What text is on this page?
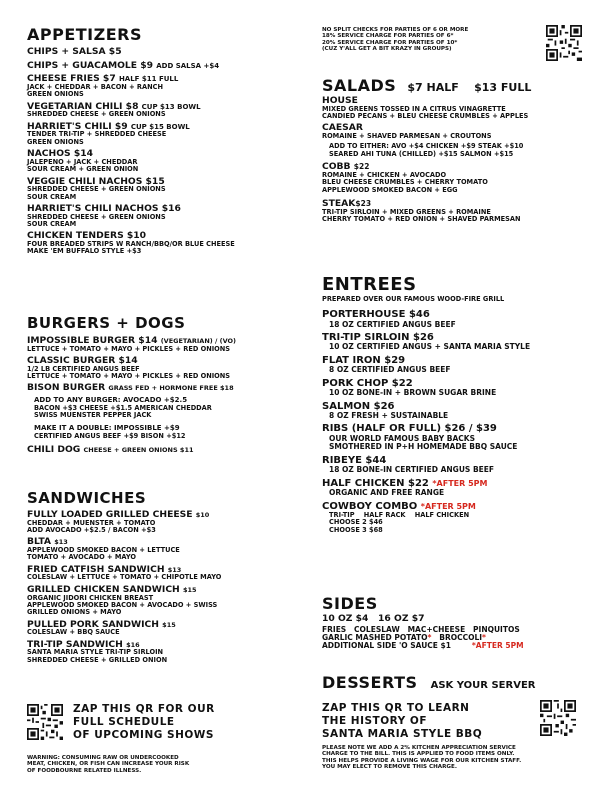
APPETIZERS
CHIPS + SALSA $5
CHIPS + GUACAMOLE $9 ADD SALSA +$4
CHEESE FRIES $7 HALF $11 FULL
JACK + CHEDDAR + BACON + RANCH
GREEN ONIONS
VEGETARIAN CHILI $8 CUP $13 BOWL
SHREDDED CHEESE + GREEN ONIONS
HARRIET'S CHILI $9 CUP $15 BOWL
TENDER TRI-TIP + SHREDDED CHEESE
GREEN ONIONS
NACHOS $14
JALEPENO + JACK + CHEDDAR
SOUR CREAM + GREEN ONION
VEGGIE CHILI NACHOS $15
SHREDDED CHEESE + GREEN ONIONS
SOUR CREAM
HARRIET'S CHILI NACHOS $16
SHREDDED CHEESE + GREEN ONIONS
SOUR CREAM
CHICKEN TENDERS $10
FOUR BREADED STRIPS W RANCH/BBQ/OR BLUE CHEESE
MAKE 'EM BUFFALO STYLE +$3
BURGERS + DOGS
IMPOSSIBLE BURGER $14 (VEGETARIAN) / (VO)
LETTUCE + TOMATO + MAYO + PICKLES + RED ONIONS
CLASSIC BURGER $14
1/2 LB CERTIFIED ANGUS BEEF
LETTUCE + TOMATO + MAYO + PICKLES + RED ONIONS
BISON BURGER GRASS FED + HORMONE FREE $18
ADD TO ANY BURGER: AVOCADO +$2.5
BACON +$3 CHEESE +$1.5 AMERICAN CHEDDAR
SWISS MUENSTER PEPPER JACK
MAKE IT A DOUBLE: IMPOSSIBLE +$9
CERTIFIED ANGUS BEEF +$9 BISON +$12
CHILI DOG CHEESE + GREEN ONIONS $11
SANDWICHES
FULLY LOADED GRILLED CHEESE $10
CHEDDAR + MUENSTER + TOMATO
ADD AVOCADO +$2.5 / BACON +$3
BLTA $13
APPLEWOOD SMOKED BACON + LETTUCE
TOMATO + AVOCADO + MAYO
FRIED CATFISH SANDWICH $13
COLESLAW + LETTUCE + TOMATO + CHIPOTLE MAYO
GRILLED CHICKEN SANDWICH $15
ORGANIC JIDORI CHICKEN BREAST
APPLEWOOD SMOKED BACON + AVOCADO + SWISS
GRILLED ONIONS + MAYO
PULLED PORK SANDWICH $15
COLESLAW + BBQ SAUCE
TRI-TIP SANDWICH $16
SANTA MARIA STYLE TRI-TIP SIRLOIN
SHREDDED CHEESE + GRILLED ONION
ZAP THIS QR FOR OUR
FULL SCHEDULE
OF UPCOMING SHOWS
WARNING: CONSUMING RAW OR UNDERCOOKED
MEAT, CHICKEN, OR FISH CAN INCREASE YOUR RISK
OF FOODBOURNE RELATED ILLNESS.
NO SPLIT CHECKS FOR PARTIES OF 6 OR MORE
18% SERVICE CHARGE FOR PARTIES OF 6*
20% SERVICE CHARGE FOR PARTIES OF 10*
(CUZ Y'ALL GET A BIT KRAZY IN GROUPS)
SALADS $7 HALF    $13 FULL
HOUSE
MIXED GREENS TOSSED IN A CITRUS VINAGRETTE
CANDIED PECANS + BLEU CHEESE CRUMBLES + APPLES
CAESAR
ROMAINE + SHAVED PARMESAN + CROUTONS
ADD TO EITHER: AVO +$4 CHICKEN +$9 STEAK +$10
SEARED AHI TUNA (CHILLED) +$15 SALMON +$15
COBB $22
ROMAINE + CHICKEN + AVOCADO
BLEU CHEESE CRUMBLES + CHERRY TOMATO
APPLEWOOD SMOKED BACON + EGG
STEAK$23
TRI-TIP SIRLOIN + MIXED GREENS + ROMAINE
CHERRY TOMATO + RED ONION + SHAVED PARMESAN
ENTREES
PREPARED OVER OUR FAMOUS WOOD-FIRE GRILL
PORTERHOUSE $46
18 OZ CERTIFIED ANGUS BEEF
TRI-TIP SIRLOIN $26
10 OZ CERTIFIED ANGUS + SANTA MARIA STYLE
FLAT IRON $29
8 OZ CERTIFIED ANGUS BEEF
PORK CHOP $22
10 OZ BONE-IN + BROWN SUGAR BRINE
SALMON $26
8 OZ FRESH + SUSTAINABLE
RIBS (HALF OR FULL) $26 / $39
OUR WORLD FAMOUS BABY BACKS
SMOTHERED IN P+H HOMEMADE BBQ SAUCE
RIBEYE $44
18 OZ BONE-IN CERTIFIED ANGUS BEEF
HALF CHICKEN $22 *AFTER 5PM
ORGANIC AND FREE RANGE
COWBOY COMBO *AFTER 5PM
TRI-TIP    HALF RACK    HALF CHICKEN
CHOOSE 2 $46
CHOOSE 3 $68
SIDES
10 OZ $4   16 OZ $7
FRIES   COLESLAW   MAC+CHEESE   PINQUITOS
GARLIC MASHED POTATO*   BROCCOLI*
ADDITIONAL SIDE 'O SAUCE $1	*AFTER 5PM
DESSERTS ASK YOUR SERVER
ZAP THIS QR TO LEARN
THE HISTORY OF
SANTA MARIA STYLE BBQ
PLEASE NOTE WE ADD A 2% KITCHEN APPRECIATION SERVICE
CHARGE TO THE BILL. THIS IS APPLIED TO FOOD ITEMS ONLY.
THIS HELPS PROVIDE A LIVING WAGE FOR OUR KITCHEN STAFF.
YOU MAY ELECT TO REMOVE THIS CHARGE.
